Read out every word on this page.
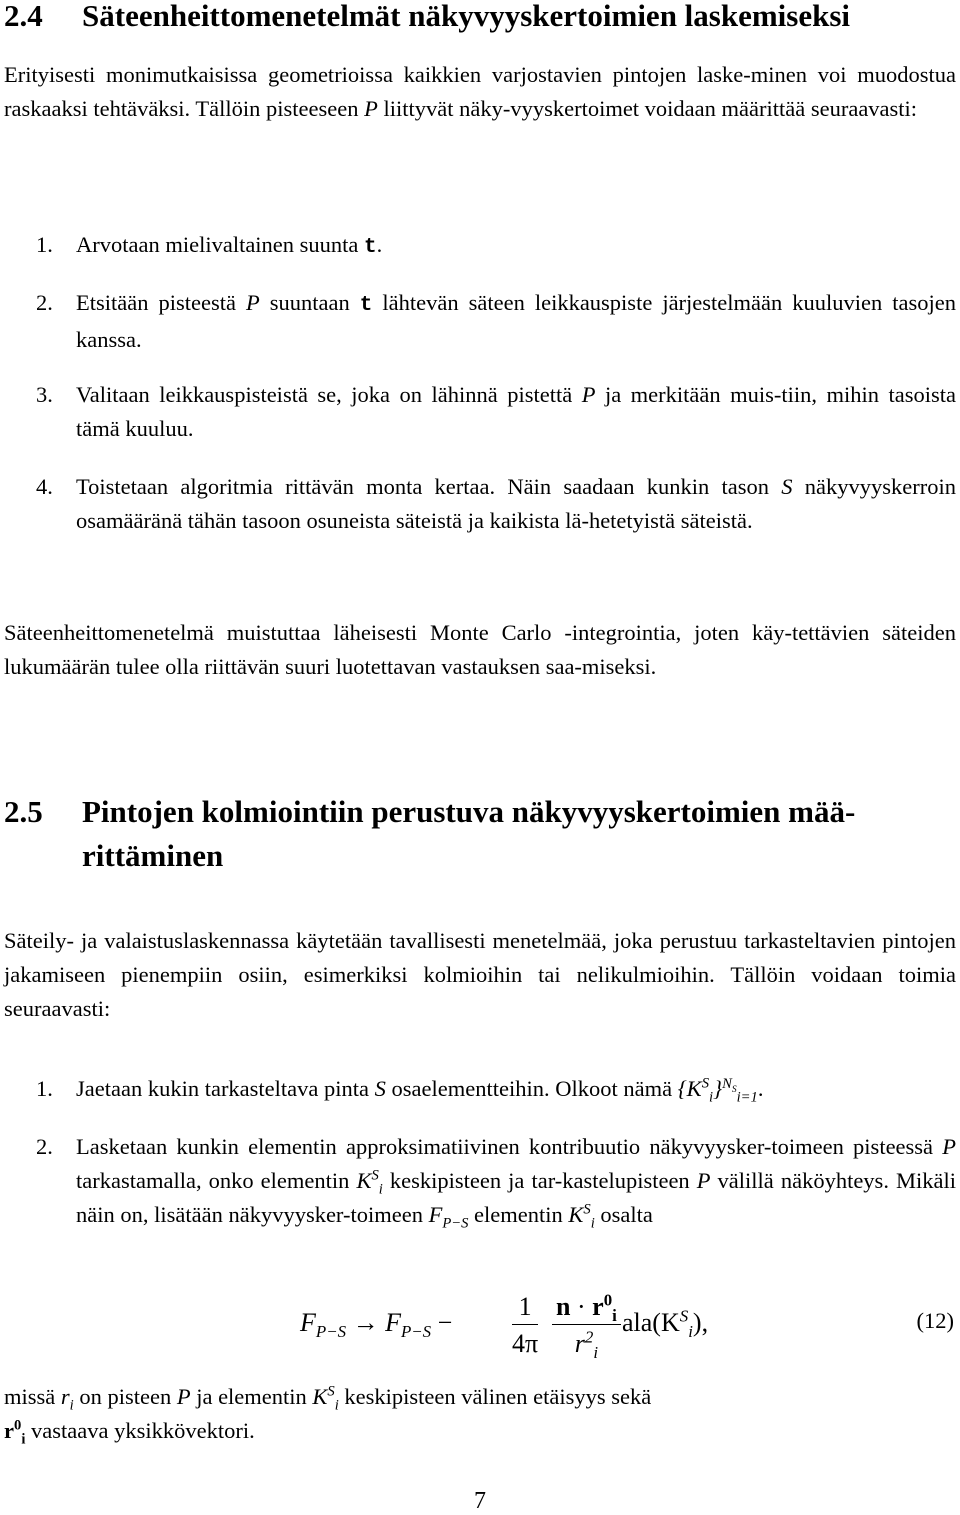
2.4	Säteenheittomenetelmät näkyvyyskertoimien laskemiseksi

Erityisesti monimutkaisissa geometrioissa kaikkien varjostavien pintojen laske-minen voi muodostua raskaaksi tehtäväksi. Tällöin pisteeseen P liittyvät näky-vyyskertoimet voidaan määrittää seuraavasti:

1. Arvotaan mielivaltainen suunta t.
2. Etsitään pisteestä P suuntaan t lähtevän säteen leikkauspiste järjestelmään kuuluvien tasojen kanssa.
3. Valitaan leikkauspisteistä se, joka on lähinnä pistettä P ja merkitään muis-tiin, mihin tasoista tämä kuuluu.
4. Toistetaan algoritmia rittävän monta kertaa. Näin saadaan kunkin tason S näkyvyyskerroin osamääränä tähän tasoon osuneista säteistä ja kaikista lä-hetetyistä säteistä.

Säteenheittomenetelmä muistuttaa läheisesti Monte Carlo -integrointia, joten käy-tettävien säteiden lukumäärän tulee olla riittävän suuri luotettavan vastauksen saa-miseksi.

2.5	Pintojen kolmiointiin perustuva näkyvyyskertoimien mää-rittäminen

Säteily- ja valaistuslaskennassa käytetään tavallisesti menetelmää, joka perustuu tarkasteltavien pintojen jakamiseen pienempiin osiin, esimerkiksi kolmioihin tai nelikulmioihin. Tällöin voidaan toimia seuraavasti:

1. Jaetaan kukin tarkasteltava pinta S osaelementteihin. Olkoot nämä $\{K^S_i\}^{N_S}_{i=1}$.
2. Lasketaan kunkin elementin approksimatiivinen kontribuutio näkyvyysker-toimeen pisteessä P tarkastamalla, onko elementin $K^S_i$ keskipisteen ja tar-kastelupisteen P välillä näköyhteys. Mikäli näin on, lisätään näkyvyysker-toimeen $F_{P-S}$ elementin $K^S_i$ osalta
$F_{P-S} \to F_{P-S} - \frac{1}{4\pi} \frac{n \cdot r^0_i}{r^2_i} ala(K^S_i)$,	(12)

missä $r_i$ on pisteen P ja elementin $K^S_i$ keskipisteen välinen etäisyys sekä
$r^0_i$ vastaava yksikkövektori.

7
